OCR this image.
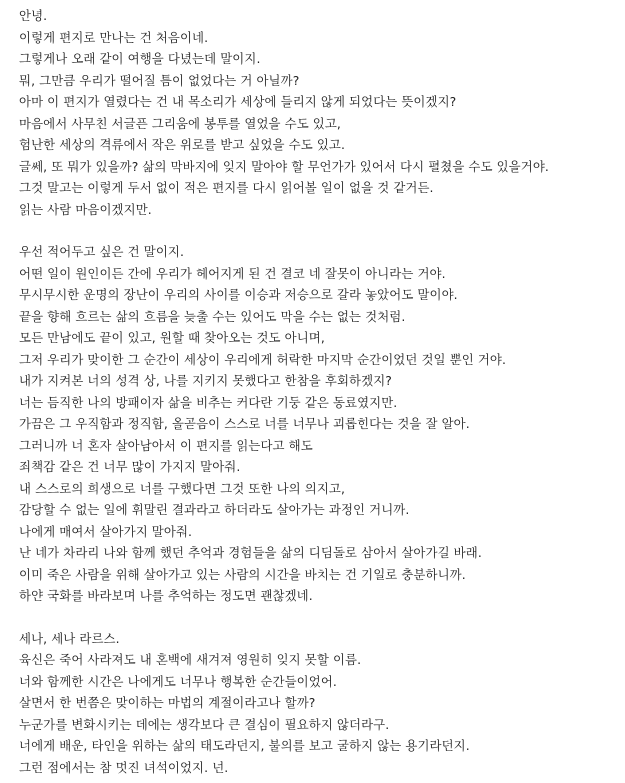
안녕.
이렇게 편지로 만나는 건 처음이네.
그렇게나 오래 같이 여행을 다녔는데 말이지.
뭐, 그만큼 우리가 떨어질 틈이 없었다는 거 아닐까?
아마 이 편지가 열렸다는 건 내 목소리가 세상에 들리지 않게 되었다는 뜻이겠지?
마음에서 사무친 서글픈 그리움에 봉투를 열었을 수도 있고,
험난한 세상의 격류에서 작은 위로를 받고 싶었을 수도 있고.
글쎄, 또 뭐가 있을까? 삶의 막바지에 잊지 말아야 할 무언가가 있어서 다시 펼쳤을 수도 있을거야.
그것 말고는 이렇게 두서 없이 적은 편지를 다시 읽어볼 일이 없을 것 같거든.
읽는 사람 마음이겠지만.
우선 적어두고 싶은 건 말이지.
어떤 일이 원인이든 간에 우리가 헤어지게 된 건 결코 네 잘못이 아니라는 거야.
무시무시한 운명의 장난이 우리의 사이를 이승과 저승으로 갈라 놓았어도 말이야.
끝을 향해 흐르는 삶의 흐름을 늦출 수는 있어도 막을 수는 없는 것처럼.
모든 만남에도 끝이 있고, 원할 때 찾아오는 것도 아니며,
그저 우리가 맞이한 그 순간이 세상이 우리에게 허락한 마지막 순간이었던 것일 뿐인 거야.
내가 지켜본 너의 성격 상, 나를 지키지 못했다고 한참을 후회하겠지?
너는 듬직한 나의 방패이자 삶을 비추는 커다란 기둥 같은 동료였지만.
가끔은 그 우직함과 정직함, 올곧음이 스스로 너를 너무나 괴롭힌다는 것을 잘 알아.
그러니까 너 혼자 살아남아서 이 편지를 읽는다고 해도
죄책감 같은 건 너무 많이 가지지 말아줘.
내 스스로의 희생으로 너를 구했다면 그것 또한 나의 의지고,
감당할 수 없는 일에 휘말린 결과라고 하더라도 살아가는 과정인 거니까.
나에게 매여서 살아가지 말아줘.
난 네가 차라리 나와 함께 했던 추억과 경험들을 삶의 디딤돌로 삼아서 살아가길 바래.
이미 죽은 사람을 위해 살아가고 있는 사람의 시간을 바치는 건 기일로 충분하니까.
하얀 국화를 바라보며 나를 추억하는 정도면 괜찮겠네.
세나, 세나 라르스.
육신은 죽어 사라져도 내 혼백에 새겨져 영원히 잊지 못할 이름.
너와 함께한 시간은 나에게도 너무나 행복한 순간들이었어.
살면서 한 번쯤은 맞이하는 마법의 계절이라고나 할까?
누군가를 변화시키는 데에는 생각보다 큰 결심이 필요하지 않더라구.
너에게 배운, 타인을 위하는 삶의 태도라던지, 불의를 보고 굴하지 않는 용기라던지.
그런 점에서는 참 멋진 녀석이었지. 넌.
